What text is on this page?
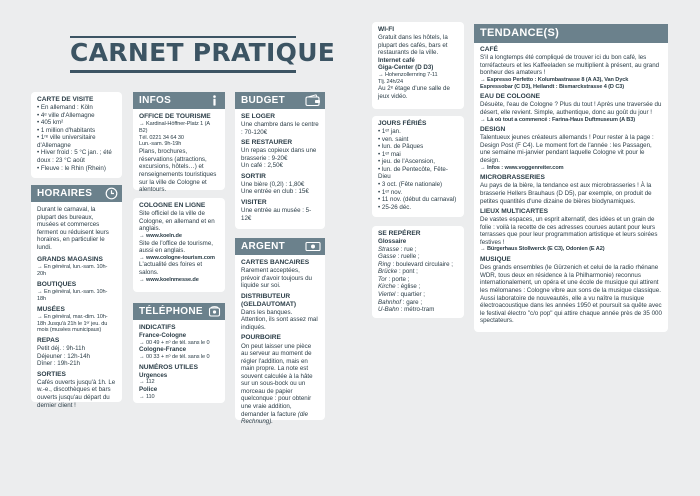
CARNET PRATIQUE
CARTE DE VISITE
• En allemand : Köln
• 4ᵉ ville d'Allemagne
• 405 km²
• 1 million d'habitants
• 1ʳᵉ ville universitaire
d'Allemagne
• Hiver froid : 5 °C jan. ; été
doux : 23 °C août
• Fleuve : le Rhin (Rhein)
HORAIRES

Durant le carnaval, la plupart des bureaux, musées et commerces ferment ou réduisent leurs horaires, en particulier le lundi.

GRANDS MAGASINS
→ En général, lun.-sam. 10h-20h
BOUTIQUES
→ En général, lun.-sam. 10h-18h
MUSÉES
→ En général, mar.-dim. 10h-18h Jusqu'à 21h le 1ᵉʳ jeu. du mois (musées municipaux)
REPAS
Petit déj. : 9h-11h
Déjeuner : 12h-14h
Dîner : 19h-21h
SORTIES
Cafés ouverts jusqu'à 1h. Le w.-e., discothèques et bars ouverts jusqu'au départ du dernier client !
INFOS
OFFICE DE TOURISME
→ Kardinal-Höffner-Platz 1 (A B2)
Tél. 0221 34 64 30
Lun.-sam. 9h-19h

Plans, brochures, réservations (attractions, excursions, hôtels…) et renseignements touristiques sur la ville de Cologne et alentours.

COLOGNE EN LIGNE

Site officiel de la ville de Cologne, en allemand et en anglais.

→ www.koeln.de

Site de l'office de tourisme, aussi en anglais.

→ www.cologne-tourism.com

L'actualité des foires et salons.

→ www.koelnmesse.de
TÉLÉPHONE
INDICATIFS
France-Cologne
→ 00 49 + nᵒ de tél. sans le 0
Cologne-France
→ 00 33 + nᵒ de tél. sans le 0
NUMÉROS UTILES
Urgences
→ 112
Police
→ 110
BUDGET
SE LOGER
Une chambre dans le centre : 70-120€
SE RESTAURER
Un repas copieux dans une brasserie : 9-20€
Un café : 2,50€
SORTIR
Une bière (0,2l) : 1,80€
Une entrée en club : 15€
VISITER
Une entrée au musée : 5-12€
ARGENT
CARTES BANCAIRES

Rarement acceptées, prévoir d'avoir toujours du liquide sur soi.

DISTRIBUTEUR (GELDAUTOMAT)

Dans les banques. Attention, ils sont assez mal indiqués.

POURBOIRE

On peut laisser une pièce au serveur au moment de régler l'addition, mais en main propre. La note est souvent calculée à la hâte sur un sous-bock ou un morceau de papier quelconque : pour obtenir une vraie addition, demander la facture (die Rechnung).

WI-FI

Gratuit dans les hôtels, la plupart des cafés, bars et restaurants de la ville.

Internet café
Giga-Center (D D3)
→ Hohenzollernring 7-11
Tlj. 24h/24

Au 2ᵉ étage d'une salle de jeux vidéo.

JOURS FÉRIÉS
• 1ᵉʳ jan.
• ven. saint
• lun. de Pâques
• 1ᵉʳ mai
• jeu. de l'Ascension,
• lun. de Pentecôte, Fête-Dieu
• 3 oct. (Fête nationale)
• 1ᵉʳ nov.
• 11 nov. (début du carnaval)
• 25-26 déc.
SE REPÉRER
Glossaire
Strasse : rue ;
Gasse : ruelle ;
Ring : boulevard circulaire ;
Brücke : pont ;
Tor : porte ;
Kirche : église ;
Viertel : quartier ;
Bahnhof : gare ;
U-Bahn : métro-tram
TENDANCE(S)
CAFÉ

S'il a longtemps été compliqué de trouver ici du bon café, les torréfacteurs et les Kaffeeladen se multiplient à présent, au grand bonheur des amateurs !

→ Espresso Perfetto : Kolumbastrasse 8 (A A3), Van Dyck Espressobar (C D3), Heilandt : Bismarckstrasse 4 (D C3)
EAU DE COLOGNE

Désuète, l'eau de Cologne ? Plus du tout ! Après une traversée du désert, elle revient. Simple, authentique, donc au goût du jour !

→ Là où tout a commencé : Farina-Haus Duftmuseum (A B3)
DESIGN

Talentueux jeunes créateurs allemands ! Pour rester à la page : Design Post (F C4). Le moment fort de l'année : les Passagen, une semaine mi-janvier pendant laquelle Cologne vit pour le design.

→ Infos : www.voggenreiter.com
MICROBRASSERIES

Au pays de la bière, la tendance est aux microbrasseries ! À la brasserie Hellers Brauhaus (D D5), par exemple, on produit de petites quantités d'une dizaine de bières biodynamiques.

LIEUX MULTICARTES

De vastes espaces, un esprit alternatif, des idées et un grain de folie : voilà la recette de ces adresses courues autant pour leurs terrasses que pour leur programmation artistique et leurs soirées festives !

→ Bürgerhaus Stollwerck (E C3), Odonien (E A2)
MUSIQUE

Des grands ensembles (le Gürzenich et celui de la radio rhénane WDR, tous deux en résidence à la Philharmonie) reconnus internationalement, un opéra et une école de musique qui attirent les mélomanes : Cologne vibre aux sons de la musique classique. Aussi laboratoire de nouveautés, elle a vu naître la musique électroacoustique dans les années 1950 et poursuit sa quête avec le festival électro "c/o pop" qui attire chaque année près de 35 000 spectateurs.
